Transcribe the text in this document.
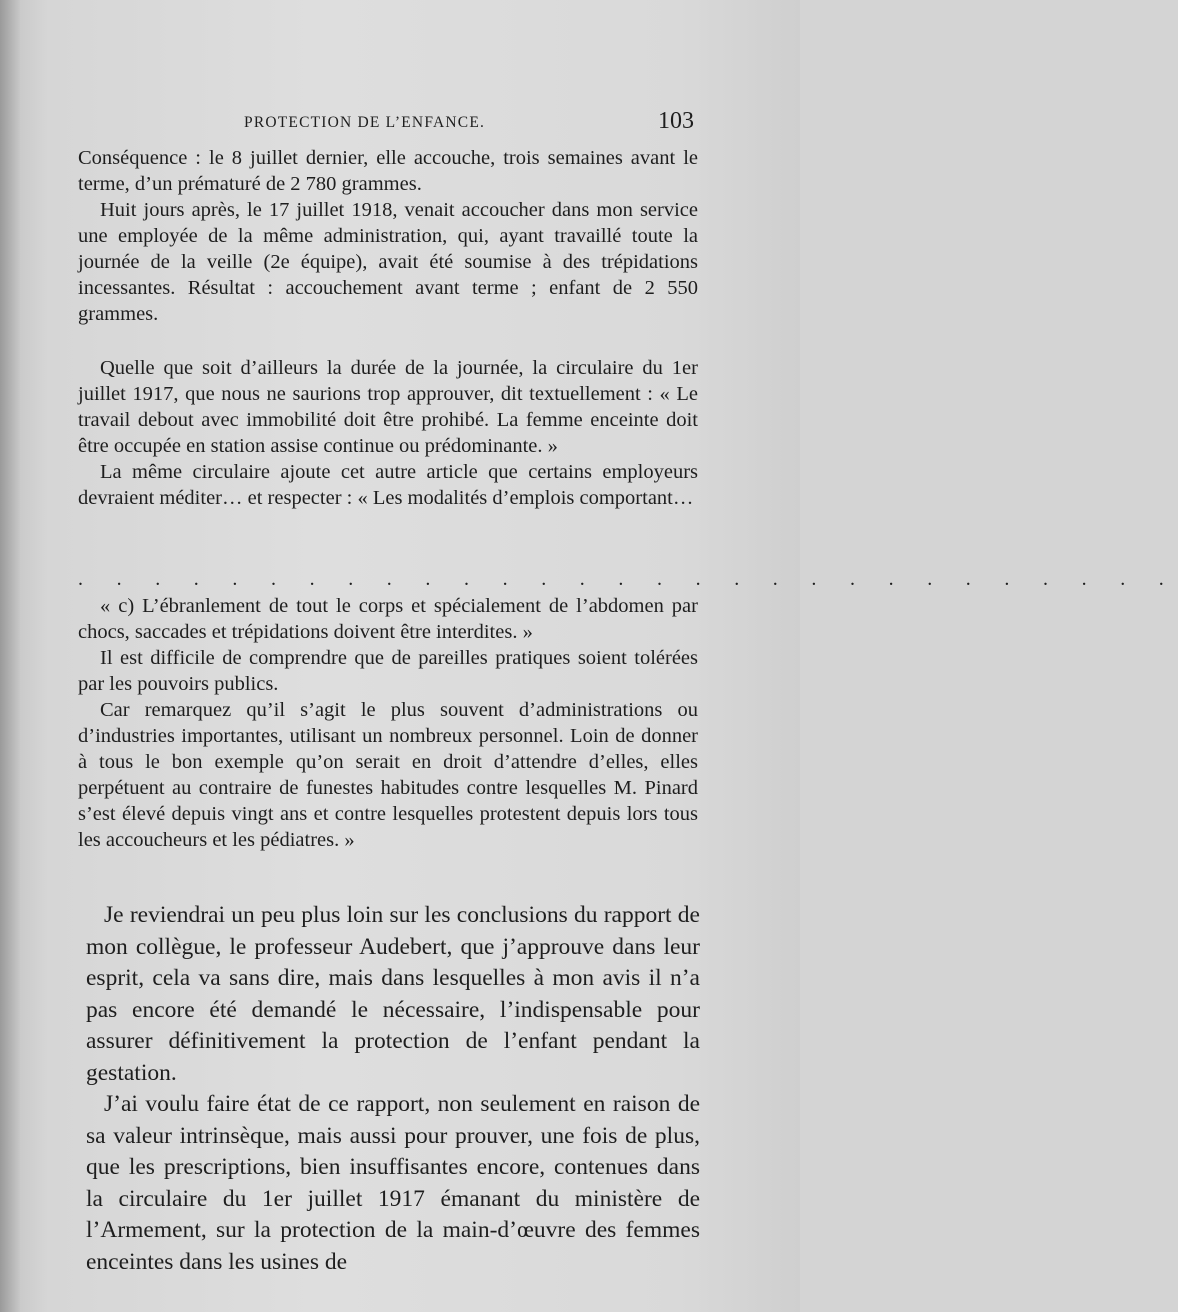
PROTECTION DE L’ENFANCE.	103

Conséquence : le 8 juillet dernier, elle accouche, trois semaines avant le terme, d’un prématuré de 2 780 grammes.

Huit jours après, le 17 juillet 1918, venait accoucher dans mon service une employée de la même administration, qui, ayant travaillé toute la journée de la veille (2e équipe), avait été soumise à des trépidations incessantes. Résultat : accouchement avant terme ; enfant de 2 550 grammes.

Quelle que soit d’ailleurs la durée de la journée, la circulaire du 1er juillet 1917, que nous ne saurions trop approuver, dit textuellement : « Le travail debout avec immobilité doit être prohibé. La femme enceinte doit être occupée en station assise continue ou prédominante. »

La même circulaire ajoute cet autre article que certains employeurs devraient méditer… et respecter : « Les modalités d’emplois comportant…

. . . . . . . . . . . . . . . . . . . . . . . . . . . . .

« c) L’ébranlement de tout le corps et spécialement de l’abdomen par chocs, saccades et trépidations doivent être interdites. »

Il est difficile de comprendre que de pareilles pratiques soient tolérées par les pouvoirs publics.

Car remarquez qu’il s’agit le plus souvent d’administrations ou d’industries importantes, utilisant un nombreux personnel. Loin de donner à tous le bon exemple qu’on serait en droit d’attendre d’elles, elles perpétuent au contraire de funestes habitudes contre lesquelles M. Pinard s’est élevé depuis vingt ans et contre lesquelles protestent depuis lors tous les accoucheurs et les pédiatres. »

Je reviendrai un peu plus loin sur les conclusions du rapport de mon collègue, le professeur Audebert, que j’approuve dans leur esprit, cela va sans dire, mais dans lesquelles à mon avis il n’a pas encore été demandé le nécessaire, l’indispensable pour assurer définitivement la protection de l’enfant pendant la gestation.

J’ai voulu faire état de ce rapport, non seulement en raison de sa valeur intrinsèque, mais aussi pour prouver, une fois de plus, que les prescriptions, bien insuffisantes encore, contenues dans la circulaire du 1er juillet 1917 émanant du ministère de l’Armement, sur la protection de la main-d’œuvre des femmes enceintes dans les usines de
